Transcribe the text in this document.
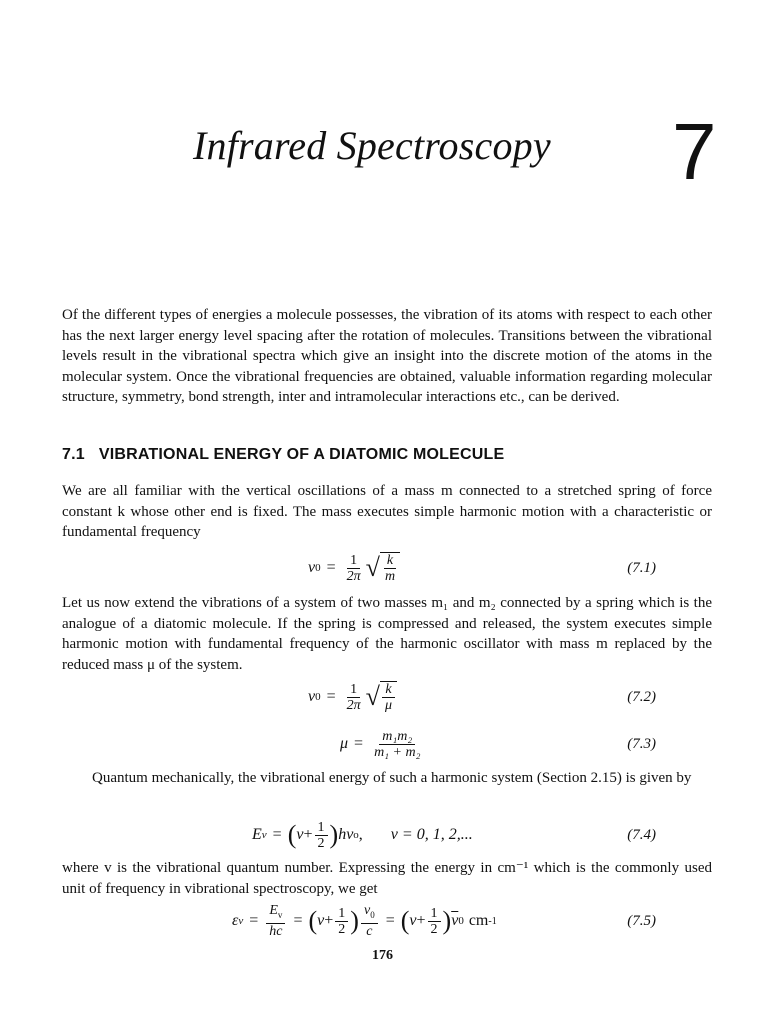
Infrared Spectroscopy 7

Of the different types of energies a molecule possesses, the vibration of its atoms with respect to each other has the next larger energy level spacing after the rotation of molecules. Transitions between the vibrational levels result in the vibrational spectra which give an insight into the discrete motion of the atoms in the molecular system. Once the vibrational frequencies are obtained, valuable information regarding molecular structure, symmetry, bond strength, inter and intramolecular interactions etc., can be derived.

7.1 VIBRATIONAL ENERGY OF A DIATOMIC MOLECULE

We are all familiar with the vertical oscillations of a mass m connected to a stretched spring of force constant k whose other end is fixed. The mass executes simple harmonic motion with a characteristic or fundamental frequency

ν $0 = \frac{1}{2\pi}$ √ $\frac{k}{m}$	(7.1)

Let us now extend the vibrations of a system of two masses m₁ and m₂ connected by a spring which is the analogue of a diatomic molecule. If the spring is compressed and released, the system executes simple harmonic motion with fundamental frequency of the harmonic oscillator with mass m replaced by the reduced mass μ of the system.

ν $0 = \frac{1}{2\pi}$ √ $\frac{k}{\mu}$	(7.2)
$\mu = \frac{\text{m₁m₂}}{\text{m₁ + m₂}}$	(7.3)

Quantum mechanically, the vibrational energy of such a harmonic system (Section 2.15) is given by

E v = ( $v + \frac{1}{2}$ ) hν o , v = 0, 1, 2,...	(7.4)

where v is the vibrational quantum number. Expressing the energy in cm⁻¹ which is the commonly used unit of frequency in vibrational spectroscopy, we get

ε $v = \frac{E_v}{hc}$ = ( $v + \frac{1}{2}$ ) $\frac{\nu_0}{c}$ = ( $v + \frac{1}{2}$ ) $\overline{\nu}$ 0 cm -1	(7.5)
176
